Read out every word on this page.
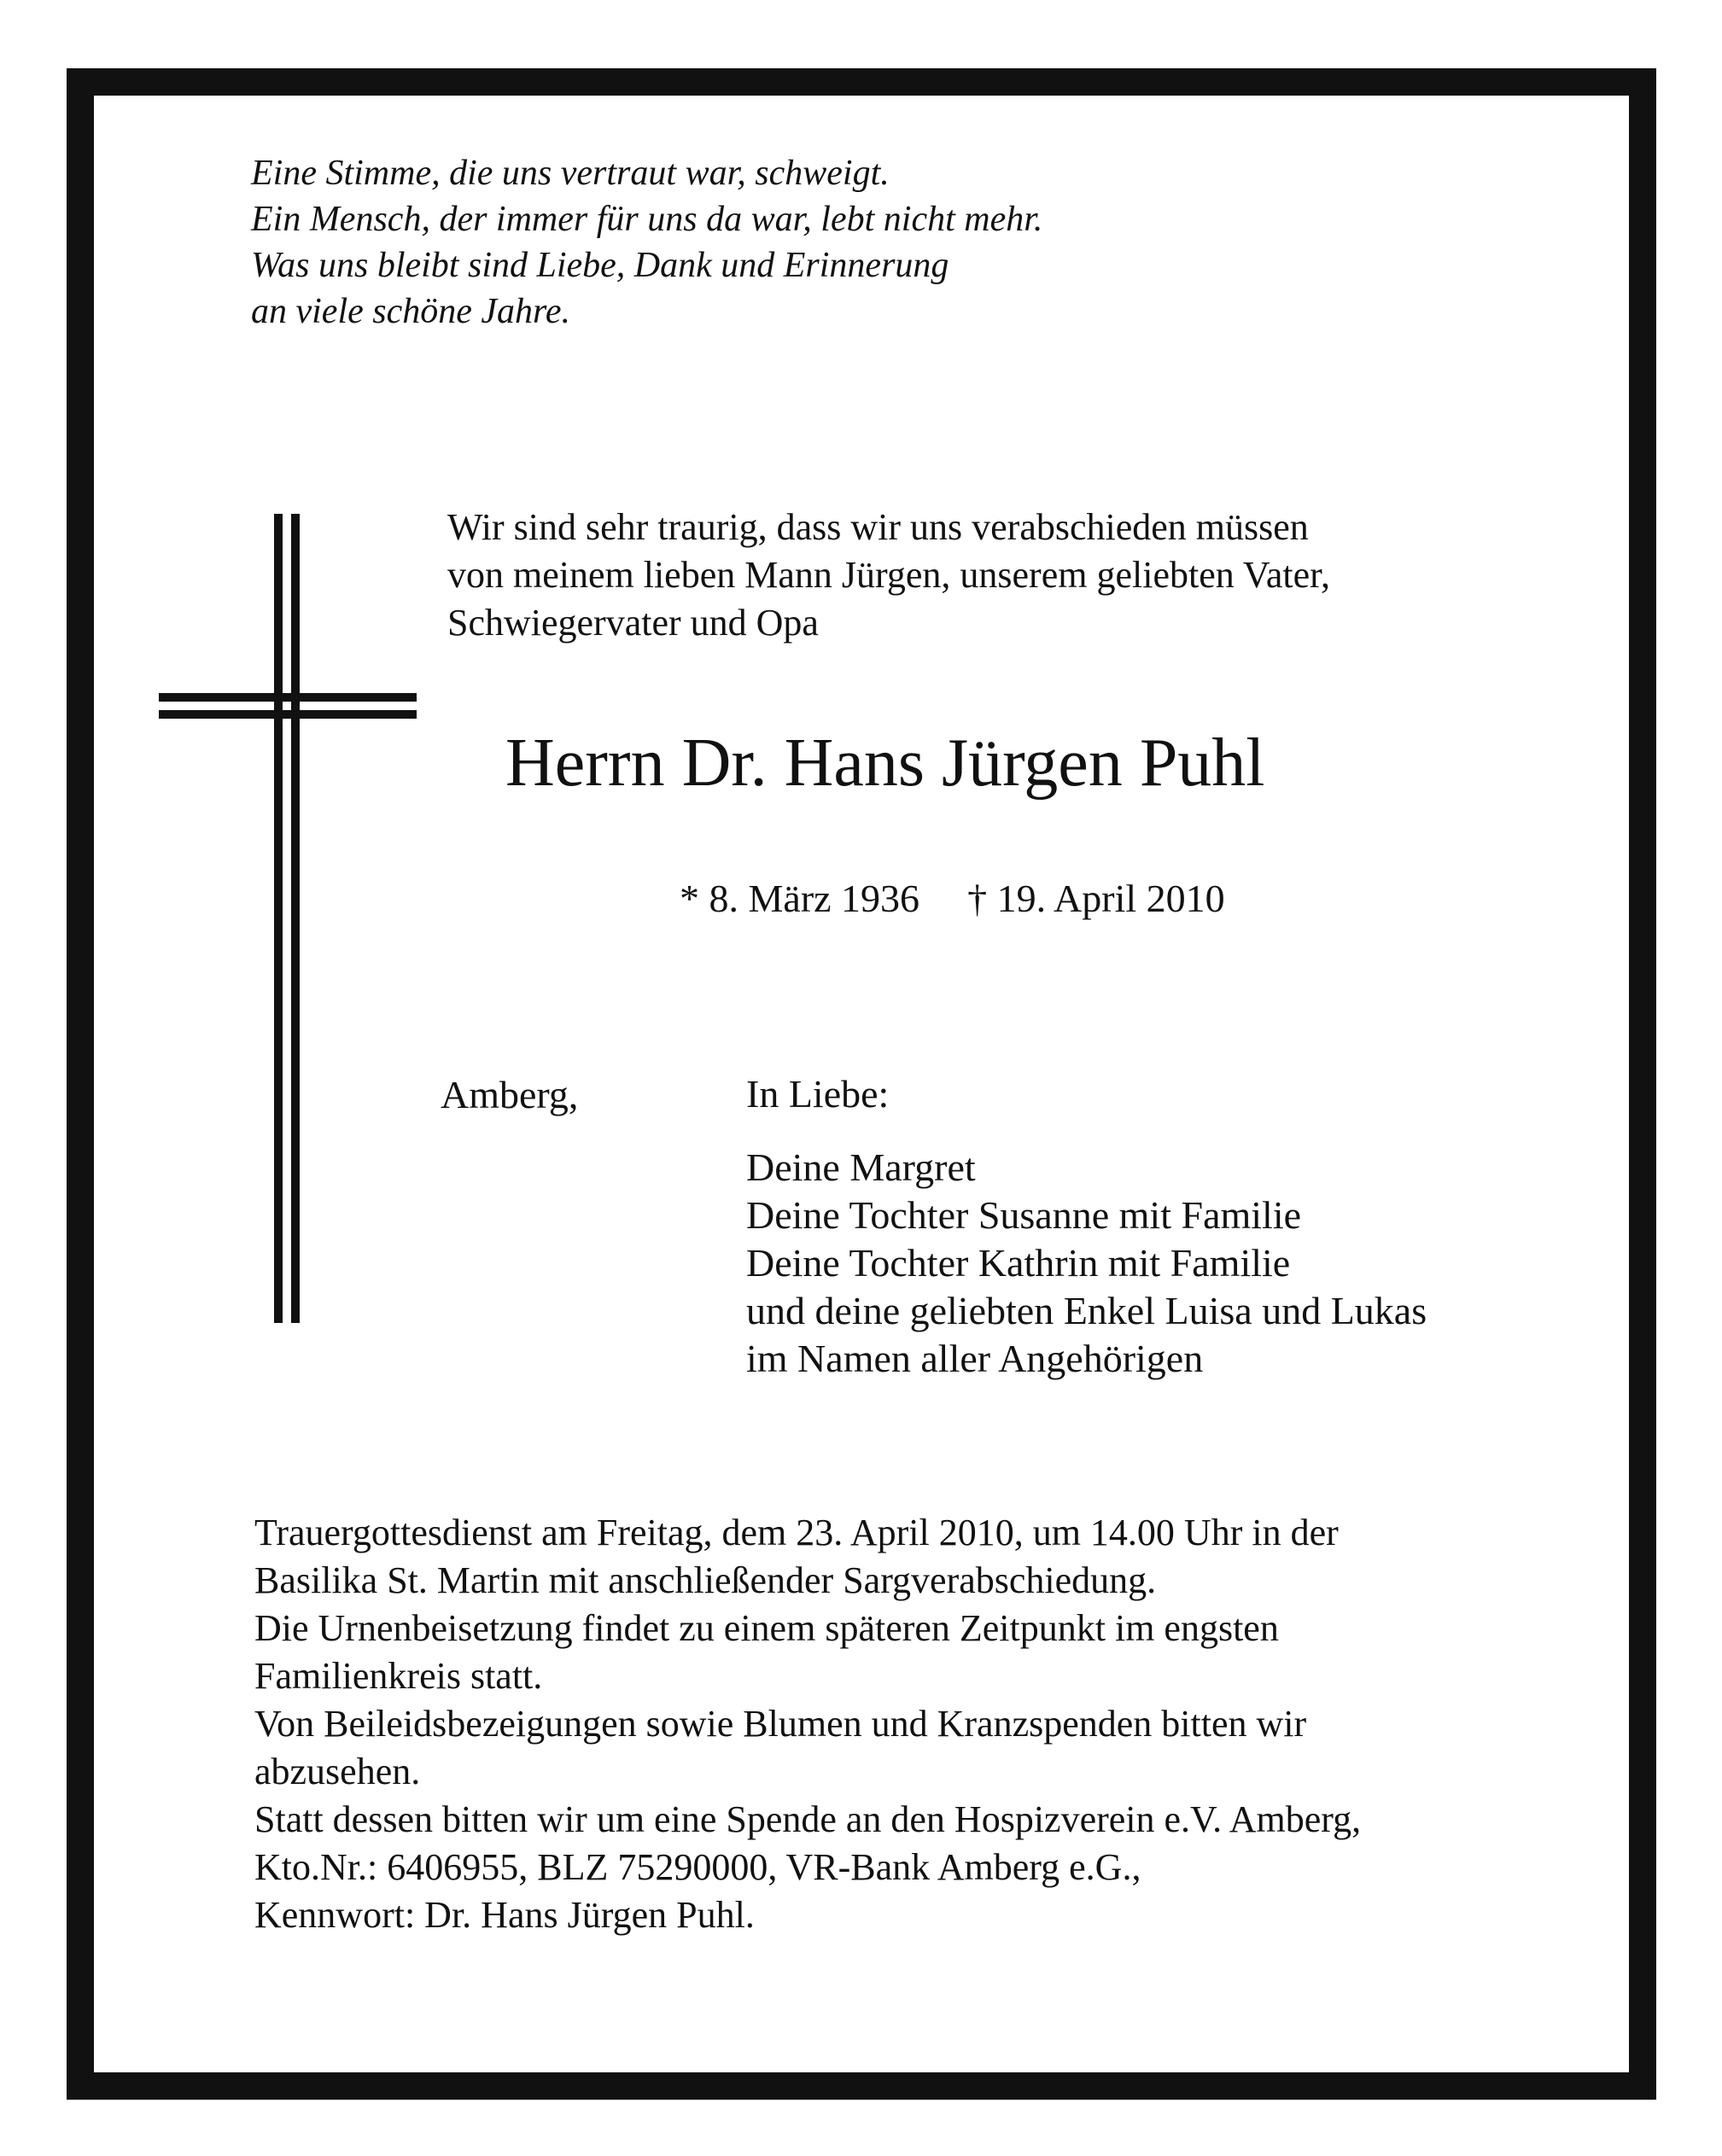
Eine Stimme, die uns vertraut war, schweigt.
Ein Mensch, der immer für uns da war, lebt nicht mehr.
Was uns bleibt sind Liebe, Dank und Erinnerung
an viele schöne Jahre.
Wir sind sehr traurig, dass wir uns verabschieden müssen
von meinem lieben Mann Jürgen, unserem geliebten Vater,
Schwiegervater und Opa
Herrn Dr. Hans Jürgen Puhl
* 8. März 1936 † 19. April 2010
Amberg,	In Liebe:
Deine Margret
Deine Tochter Susanne mit Familie
Deine Tochter Kathrin mit Familie
und deine geliebten Enkel Luisa und Lukas
im Namen aller Angehörigen
Trauergottesdienst am Freitag, dem 23. April 2010, um 14.00 Uhr in der
Basilika St. Martin mit anschließender Sargverabschiedung.
Die Urnenbeisetzung findet zu einem späteren Zeitpunkt im engsten
Familienkreis statt.
Von Beileidsbezeigungen sowie Blumen und Kranzspenden bitten wir
abzusehen.
Statt dessen bitten wir um eine Spende an den Hospizverein e.V. Amberg,
Kto.Nr.: 6406955, BLZ 75290000, VR-Bank Amberg e.G.,
Kennwort: Dr. Hans Jürgen Puhl.
